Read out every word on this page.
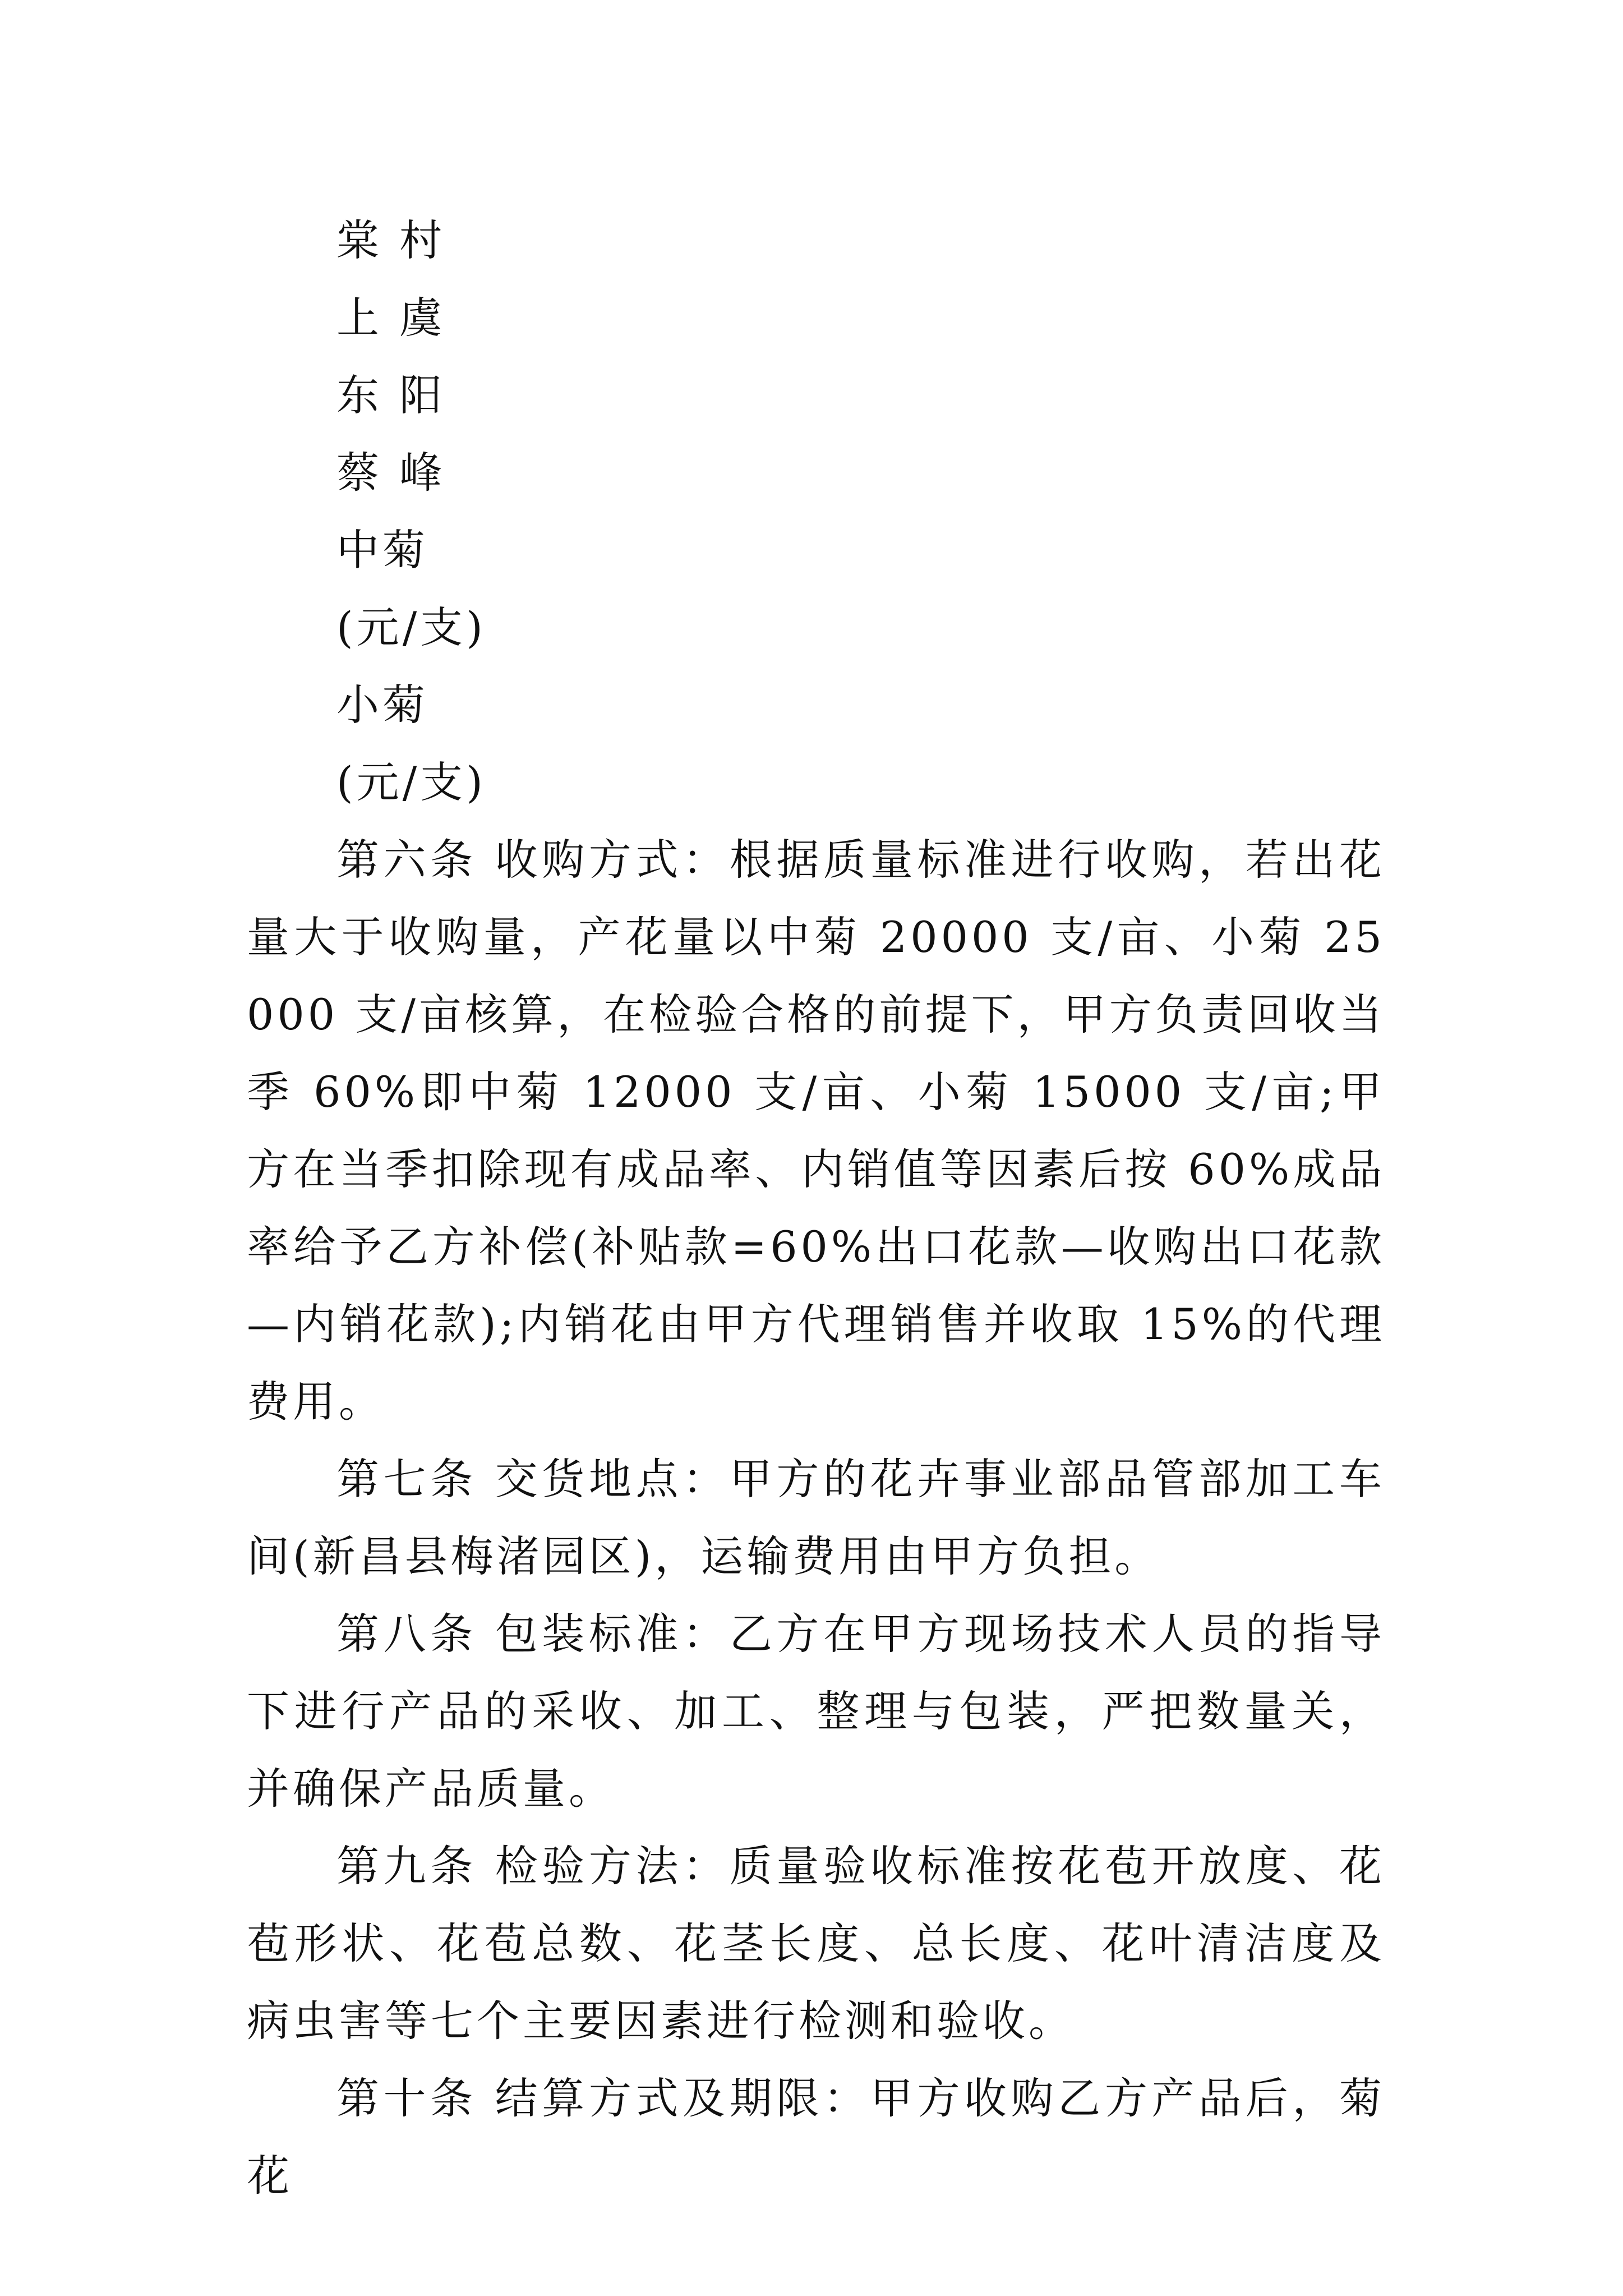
棠 村
上 虞
东 阳
蔡 峰
中菊
(元/支)
小菊
(元/支)

第六条 收购方式：根据质量标准进行收购，若出花量大于收购量，产花量以中菊 20000 支/亩、小菊 25000 支/亩核算，在检验合格的前提下，甲方负责回收当季 60%即中菊 12000 支/亩、小菊 15000 支/亩;甲方在当季扣除现有成品率、内销值等因素后按 60%成品率给予乙方补偿(补贴款=60%出口花款—收购出口花款—内销花款);内销花由甲方代理销售并收取 15%的代理费用。

第七条 交货地点：甲方的花卉事业部品管部加工车间(新昌县梅渚园区)，运输费用由甲方负担。

第八条 包装标准：乙方在甲方现场技术人员的指导下进行产品的采收、加工、整理与包装，严把数量关，并确保产品质量。

第九条 检验方法：质量验收标准按花苞开放度、花苞形状、花苞总数、花茎长度、总长度、花叶清洁度及病虫害等七个主要因素进行检测和验收。

第十条 结算方式及期限：甲方收购乙方产品后，菊花
